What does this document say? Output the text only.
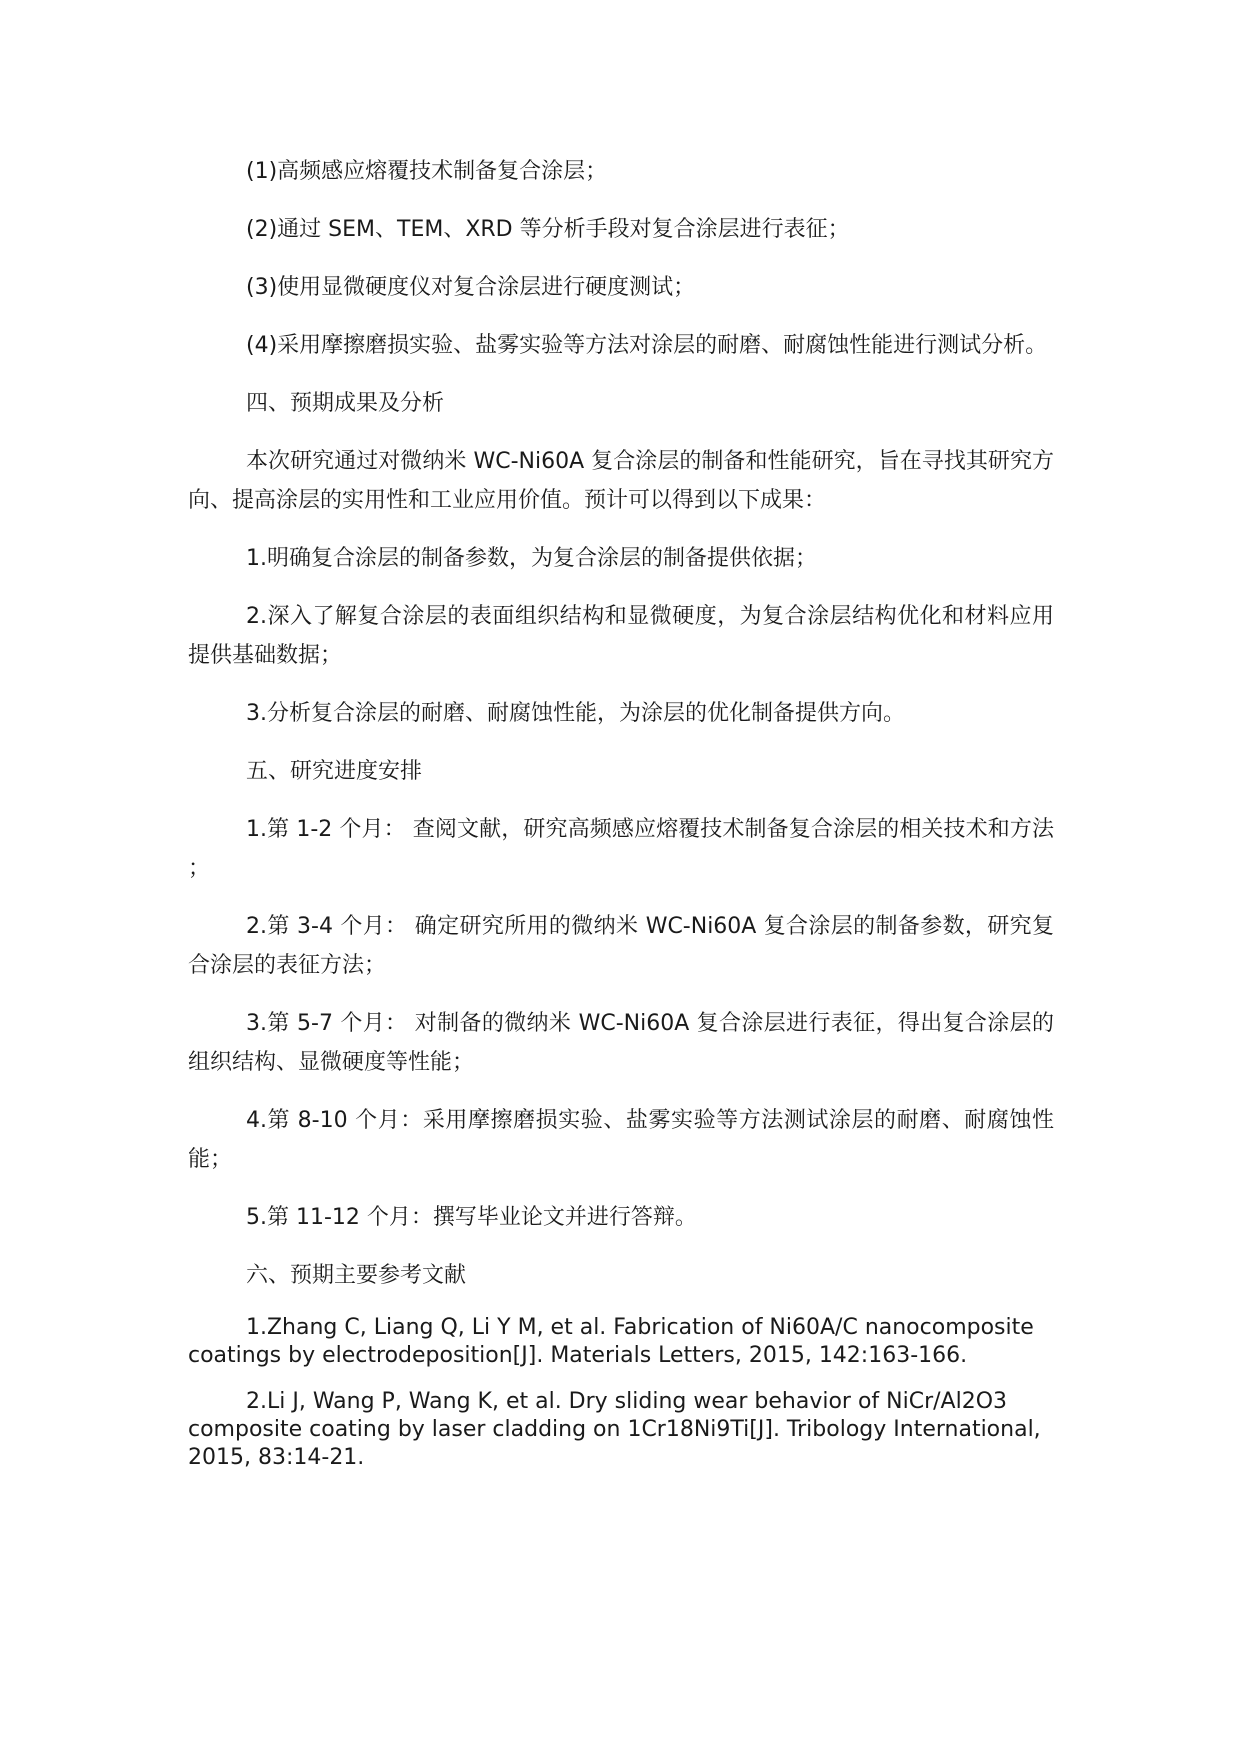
(1)高频感应熔覆技术制备复合涂层；

(2)通过 SEM、TEM、XRD 等分析手段对复合涂层进行表征；

(3)使用显微硬度仪对复合涂层进行硬度测试；

(4)采用摩擦磨损实验、盐雾实验等方法对涂层的耐磨、耐腐蚀性能进行测试分析。

四、预期成果及分析

本次研究通过对微纳米 WC-Ni60A 复合涂层的制备和性能研究，旨在寻找其研究方向、提高涂层的实用性和工业应用价值。预计可以得到以下成果：

1.明确复合涂层的制备参数，为复合涂层的制备提供依据；

2.深入了解复合涂层的表面组织结构和显微硬度，为复合涂层结构优化和材料应用提供基础数据；

3.分析复合涂层的耐磨、耐腐蚀性能，为涂层的优化制备提供方向。

五、研究进度安排

1.第 1-2 个月： 查阅文献，研究高频感应熔覆技术制备复合涂层的相关技术和方法 ；

2.第 3-4 个月： 确定研究所用的微纳米 WC-Ni60A 复合涂层的制备参数，研究复合涂层的表征方法；

3.第 5-7 个月： 对制备的微纳米 WC-Ni60A 复合涂层进行表征，得出复合涂层的组织结构、显微硬度等性能；

4.第 8-10 个月：采用摩擦磨损实验、盐雾实验等方法测试涂层的耐磨、耐腐蚀性能；

5.第 11-12 个月：撰写毕业论文并进行答辩。

六、预期主要参考文献

1.Zhang C, Liang Q, Li Y M, et al. Fabrication of Ni60A/C nanocomposite coatings by electrodeposition[J]. Materials Letters, 2015, 142:163-166.

2.Li J, Wang P, Wang K, et al. Dry sliding wear behavior of NiCr/Al2O3 composite coating by laser cladding on 1Cr18Ni9Ti[J]. Tribology International, 2015, 83:14-21.
